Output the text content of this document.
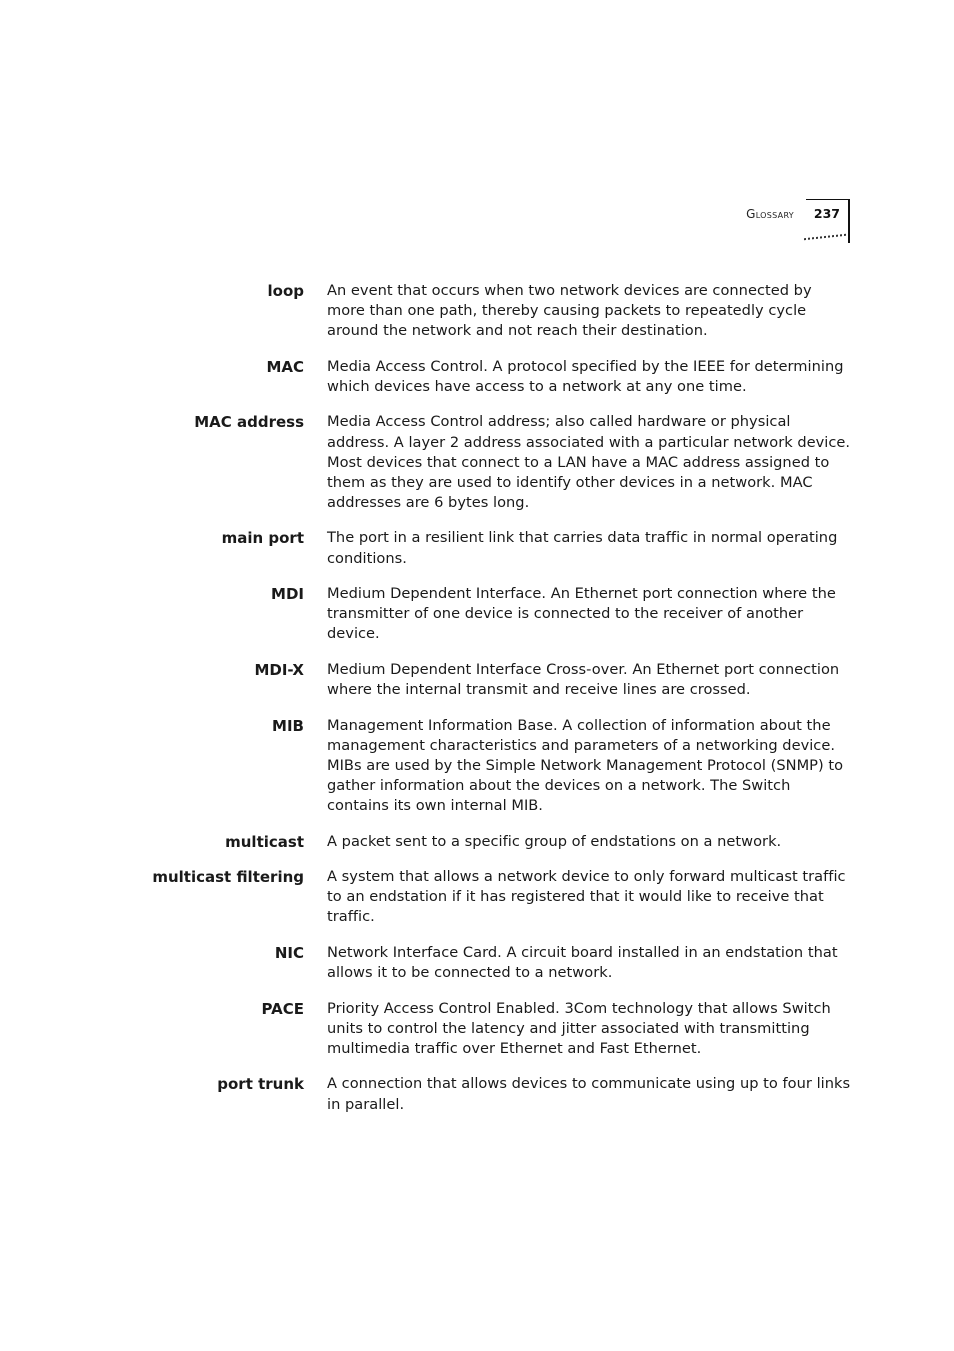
Glossary 237
loop An event that occurs when two network devices are connected by more than one path, thereby causing packets to repeatedly cycle around the network and not reach their destination.
MAC Media Access Control. A protocol specified by the IEEE for determining which devices have access to a network at any one time.
MAC address Media Access Control address; also called hardware or physical address. A layer 2 address associated with a particular network device. Most devices that connect to a LAN have a MAC address assigned to them as they are used to identify other devices in a network. MAC addresses are 6 bytes long.
main port The port in a resilient link that carries data traffic in normal operating conditions.
MDI Medium Dependent Interface. An Ethernet port connection where the transmitter of one device is connected to the receiver of another device.
MDI-X Medium Dependent Interface Cross-over. An Ethernet port connection where the internal transmit and receive lines are crossed.
MIB Management Information Base. A collection of information about the management characteristics and parameters of a networking device. MIBs are used by the Simple Network Management Protocol (SNMP) to gather information about the devices on a network. The Switch contains its own internal MIB.
multicast A packet sent to a specific group of endstations on a network.
multicast filtering A system that allows a network device to only forward multicast traffic to an endstation if it has registered that it would like to receive that traffic.
NIC Network Interface Card. A circuit board installed in an endstation that allows it to be connected to a network.
PACE Priority Access Control Enabled. 3Com technology that allows Switch units to control the latency and jitter associated with transmitting multimedia traffic over Ethernet and Fast Ethernet.
port trunk A connection that allows devices to communicate using up to four links in parallel.
